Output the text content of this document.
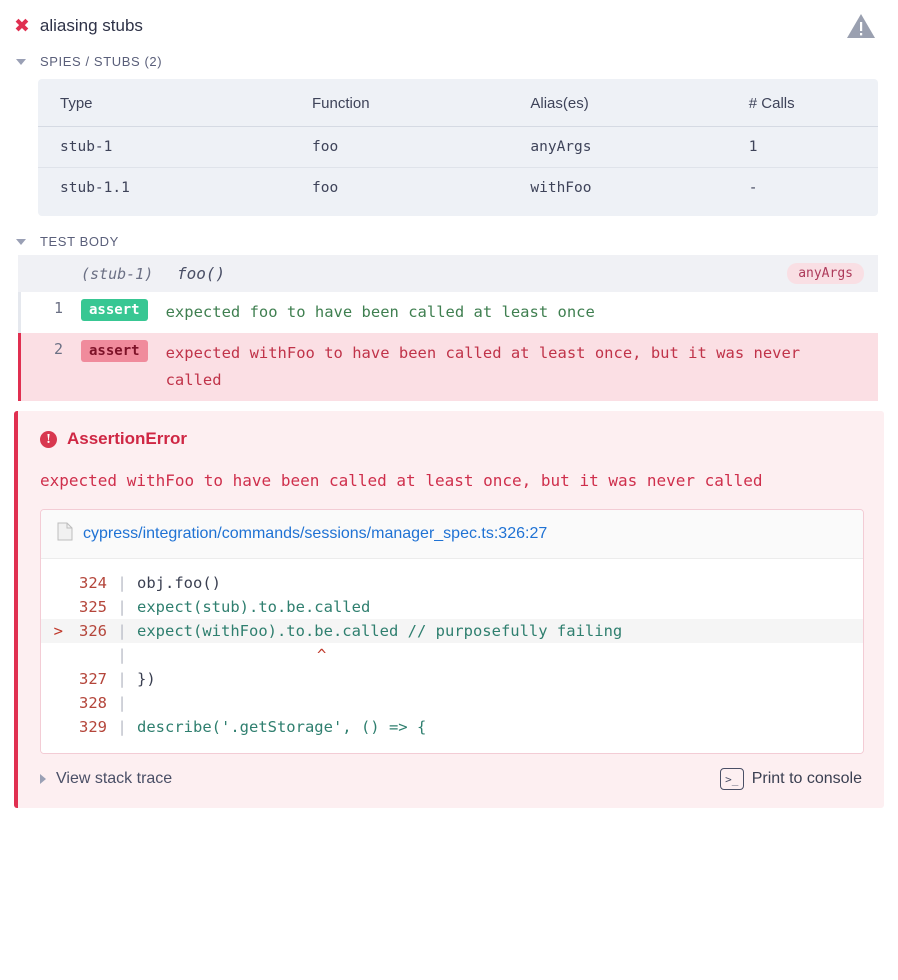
✖ aliasing stubs
SPIES / STUBS (2)
Type	Function	Alias(es)	# Calls
stub-1	foo	anyArgs	1
stub-1.1	foo	withFoo	-
TEST BODY
(stub-1)	foo()	anyArgs
1	assert	expected foo to have been called at least once
2	assert	expected withFoo to have been called at least once, but it was never called
! AssertionError
expected withFoo to have been called at least once, but it was never called
cypress/integration/commands/sessions/manager_spec.ts:326:27
324 | obj.foo()
325 | expect(stub).to.be.called
>	326 | expect(withFoo).to.be.called // purposefully failing
|	^
327 | })
328 |
329 | describe('.getStorage', () => {
View stack trace	>_ Print to console
